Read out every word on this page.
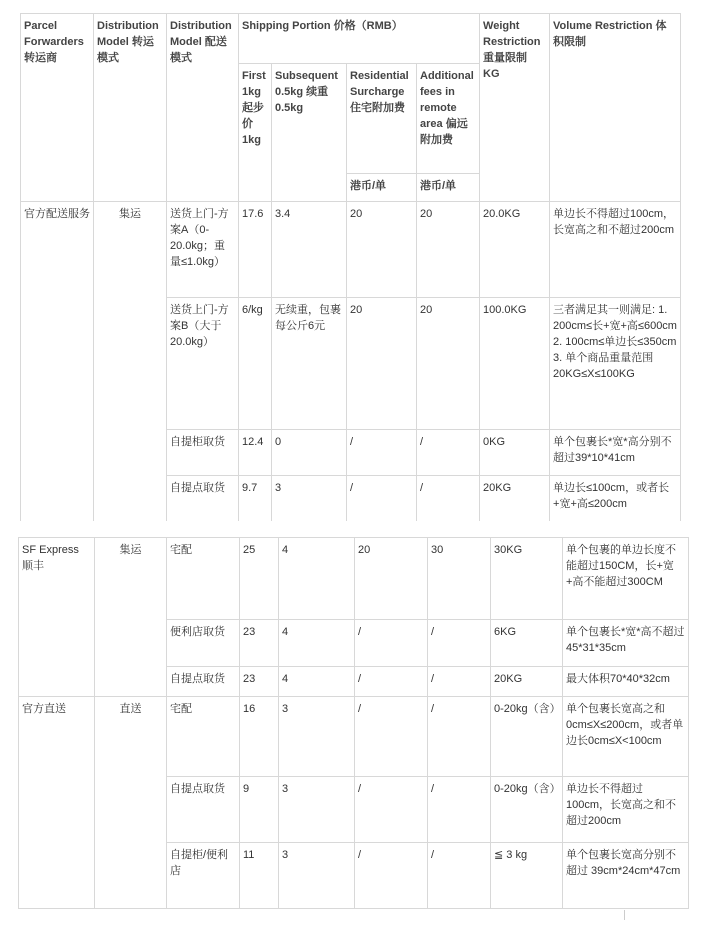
Parcel Forwarders 转运商	Distribution Model 转运模式	Distribution Model 配送模式	Shipping Portion 价格（RMB）				Weight Restriction 重量限制 KG	Volume Restriction 体积限制
			First 1kg 起步价 1kg	Subsequent 0.5kg 续重0.5kg	Residential Surcharge 住宅附加费	Additional fees in remote area 偏远附加费		
					港币/单	港币/单		
官方配送服务	集运	送货上门-方案A（0-20.0kg；重量≤1.0kg）	17.6	3.4	20	20	20.0KG	单边长不得超过100cm，长宽高之和不超过200cm
		送货上门-方案B（大于20.0kg）	6/kg	无续重，包裹每公斤6元	20	20	100.0KG	三者满足其一则满足: 1. 200cm≤长+宽+高≤600cm 2. 100cm≤单边长≤350cm 3. 单个商品重量范围20KG≤X≤100KG
		自提柜取货	12.4	0	/	/	0KG	单个包裹长*宽*高分别不超过39*10*41cm
		自提点取货	9.7	3	/	/	20KG	单边长≤100cm，或者长+宽+高≤200cm
SF Express 顺丰	集运	宅配	25	4	20	30	30KG	单个包裹的单边长度不能超过150CM，长+宽+高不能超过300CM
		便利店取货	23	4	/	/	6KG	单个包裹长*宽*高不超过45*31*35cm
		自提点取货	23	4	/	/	20KG	最大体积70*40*32cm
官方直送	直送	宅配	16	3	/	/	0-20kg（含）	单个包裹长宽高之和0cm≤X≤200cm，或者单边长0cm≤X<100cm
		自提点取货	9	3	/	/	0-20kg（含）	单边长不得超过100cm，长宽高之和不超过200cm
		自提柜/便利店	11	3	/	/	≦ 3 kg	单个包裹长宽高分别不超过 39cm*24cm*47cm
